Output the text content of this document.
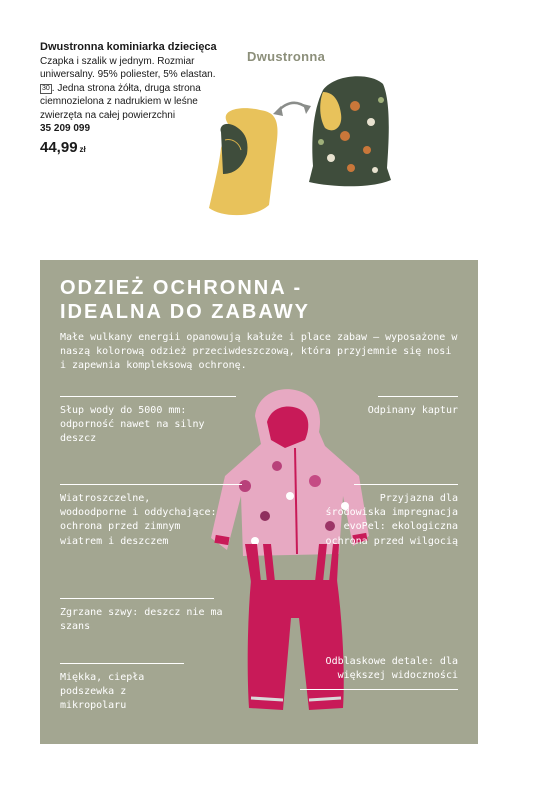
Dwustronna kominiarka dziecięca
Czapka i szalik w jednym. Rozmiar uniwersalny. 95% poliester, 5% elastan. 30 . Jedna strona żółta, druga strona ciemnozielona z nadrukiem w leśne zwierzęta na całej powierzchni
35 209 099
44,99 zł
Dwustronna
ODZIEŻ OCHRONNA -
IDEALNA DO ZABAWY
Małe wulkany energii opanowują kałuże i place zabaw – wyposażone w naszą kolorową odzież przeciwdeszczową, która przyjemnie się nosi i zapewnia kompleksową ochronę.
Słup wody do 5000 mm: odporność nawet na silny deszcz
Wiatroszczelne, wodoodporne i oddychające: ochrona przed zimnym wiatrem i deszczem
Zgrzane szwy: deszcz nie ma szans
Miękka, ciepła podszewka z mikropolaru
Odpinany kaptur
Przyjazna dla środowiska impregnacja evoPel: ekologiczna ochrona przed wilgocią
Odblaskowe detale: dla większej widoczności
